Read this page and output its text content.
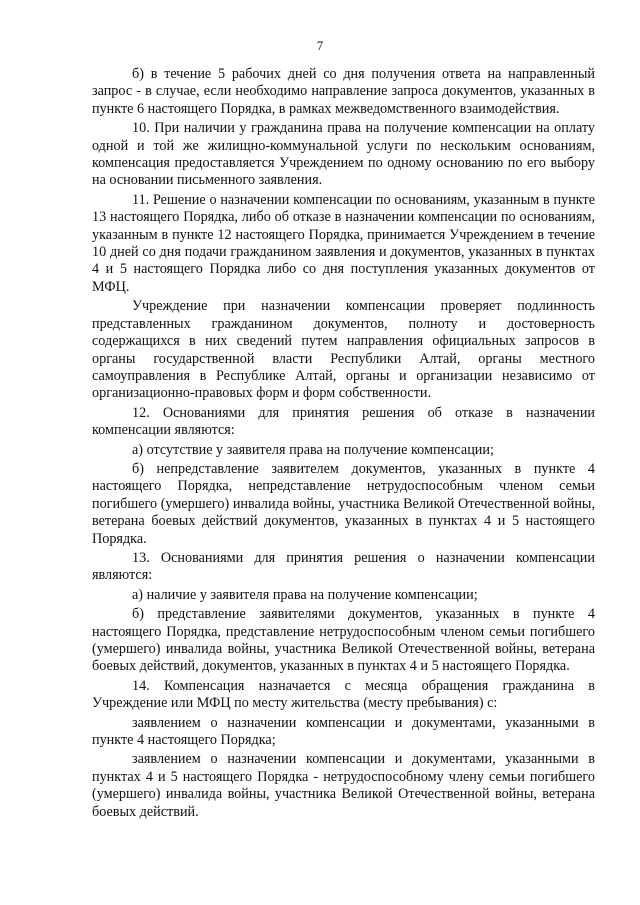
7

б) в течение 5 рабочих дней со дня получения ответа на направленный запрос - в случае, если необходимо направление запроса документов, указанных в пункте 6 настоящего Порядка, в рамках межведомственного взаимодействия.

10. При наличии у гражданина права на получение компенсации на оплату одной и той же жилищно-коммунальной услуги по нескольким основаниям, компенсация предоставляется Учреждением по одному основанию по его выбору на основании письменного заявления.

11. Решение о назначении компенсации по основаниям, указанным в пункте 13 настоящего Порядка, либо об отказе в назначении компенсации по основаниям, указанным в пункте 12 настоящего Порядка, принимается Учреждением в течение 10 дней со дня подачи гражданином заявления и документов, указанных в пунктах 4 и 5 настоящего Порядка либо со дня поступления указанных документов от МФЦ.

Учреждение при назначении компенсации проверяет подлинность представленных гражданином документов, полноту и достоверность содержащихся в них сведений путем направления официальных запросов в органы государственной власти Республики Алтай, органы местного самоуправления в Республике Алтай, органы и организации независимо от организационно-правовых форм и форм собственности.

12. Основаниями для принятия решения об отказе в назначении компенсации являются:

а) отсутствие у заявителя права на получение компенсации;

б) непредставление заявителем документов, указанных в пункте 4 настоящего Порядка, непредставление нетрудоспособным членом семьи погибшего (умершего) инвалида войны, участника Великой Отечественной войны, ветерана боевых действий документов, указанных в пунктах 4 и 5 настоящего Порядка.

13. Основаниями для принятия решения о назначении компенсации являются:

а) наличие у заявителя права на получение компенсации;

б) представление заявителями документов, указанных в пункте 4 настоящего Порядка, представление нетрудоспособным членом семьи погибшего (умершего) инвалида войны, участника Великой Отечественной войны, ветерана боевых действий, документов, указанных в пунктах 4 и 5 настоящего Порядка.

14. Компенсация назначается с месяца обращения гражданина в Учреждение или МФЦ по месту жительства (месту пребывания) с:

заявлением о назначении компенсации и документами, указанными в пункте 4 настоящего Порядка;

заявлением о назначении компенсации и документами, указанными в пунктах 4 и 5 настоящего Порядка - нетрудоспособному члену семьи погибшего (умершего) инвалида войны, участника Великой Отечественной войны, ветерана боевых действий.
